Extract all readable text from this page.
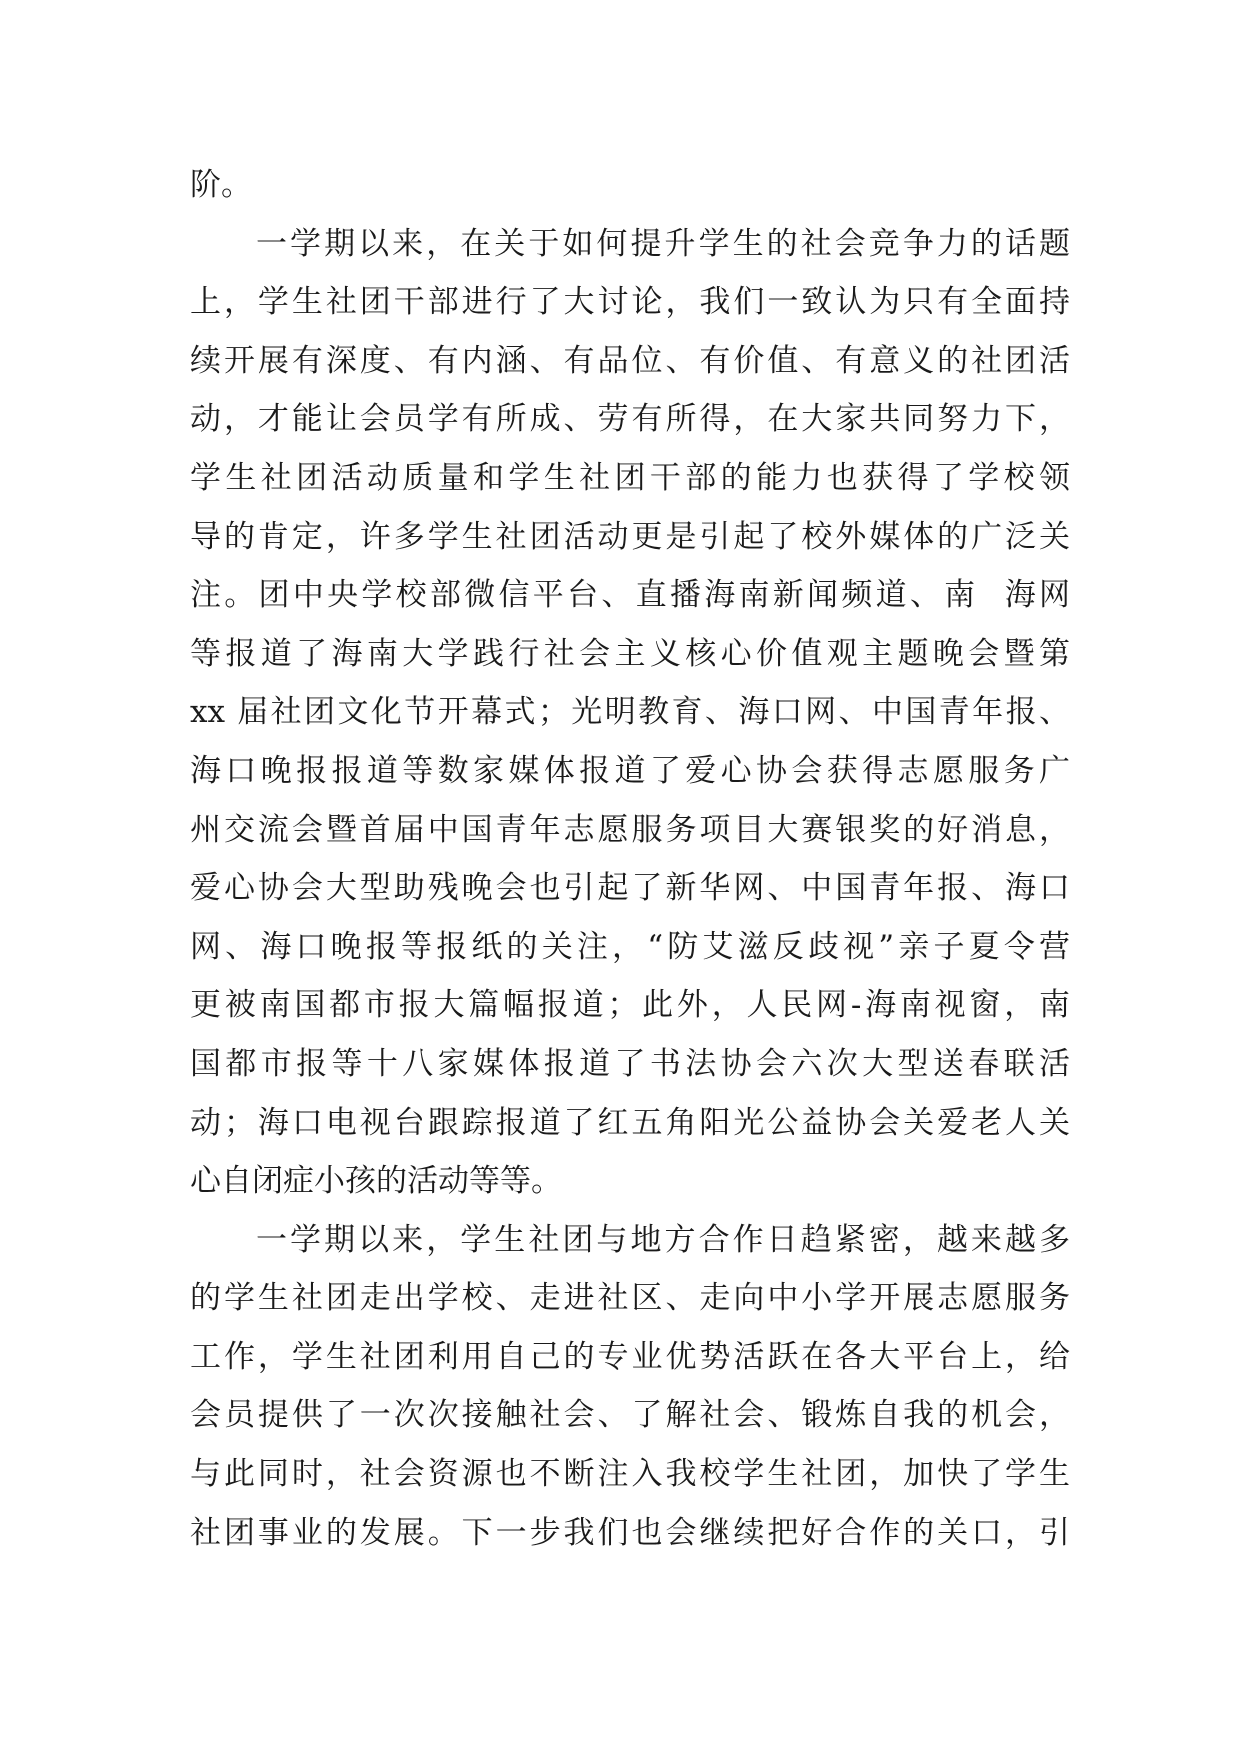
阶。
一学期以来，在关于如何提升学生的社会竞争力的话题
上，学生社团干部进行了大讨论，我们一致认为只有全面持
续开展有深度、有内涵、有品位、有价值、有意义的社团活
动，才能让会员学有所成、劳有所得，在大家共同努力下，
学生社团活动质量和学生社团干部的能力也获得了学校领
导的肯定，许多学生社团活动更是引起了校外媒体的广泛关
注。团中央学校部微信平台、直播海南新闻频道、南  海网
等报道了海南大学践行社会主义核心价值观主题晚会暨第
xx 届社团文化节开幕式；光明教育、海口网、中国青年报、
海口晚报报道等数家媒体报道了爱心协会获得志愿服务广
州交流会暨首届中国青年志愿服务项目大赛银奖的好消息，
爱心协会大型助残晚会也引起了新华网、中国青年报、海口
网、海口晚报等报纸的关注，“防艾滋反歧视”亲子夏令营
更被南国都市报大篇幅报道；此外，人民网-海南视窗，南
国都市报等十八家媒体报道了书法协会六次大型送春联活
动；海口电视台跟踪报道了红五角阳光公益协会关爱老人关
心自闭症小孩的活动等等。
一学期以来，学生社团与地方合作日趋紧密，越来越多
的学生社团走出学校、走进社区、走向中小学开展志愿服务
工作，学生社团利用自己的专业优势活跃在各大平台上，给
会员提供了一次次接触社会、了解社会、锻炼自我的机会，
与此同时，社会资源也不断注入我校学生社团，加快了学生
社团事业的发展。下一步我们也会继续把好合作的关口，引
